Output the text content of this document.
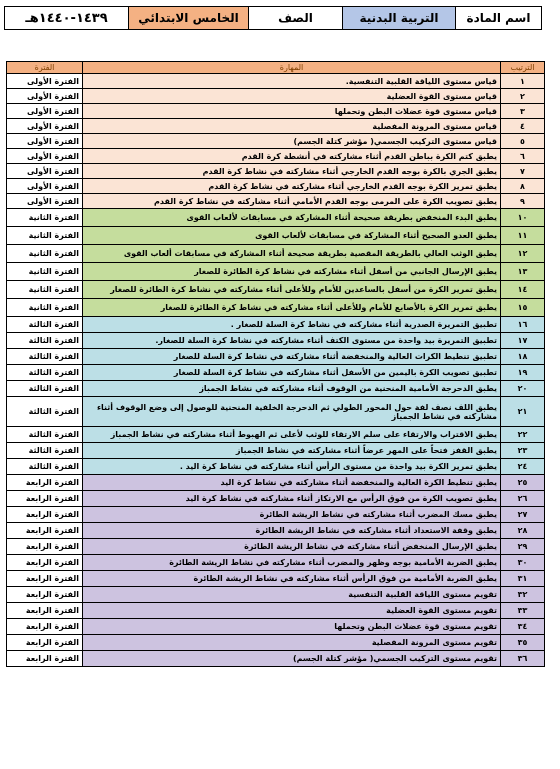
اسم المادة	التربية البدنية	الصف	الخامس الابتدائي	١٤٣٩-١٤٤٠هـ
الترتيب	المهارة	الفترة
١	قياس مستوى اللياقة القلبية التنفسية.	الفترة الأولى
٢	قياس مستوى القوة العضلية	الفترة الأولى
٣	قياس مستوى قوة عضلات البطن وتحملها	الفترة الأولى
٤	قياس مستوى المرونة المفصلية	الفترة الأولى
٥	قياس مستوى التركيب الجسمي( مؤشر كتلة الجسم)	الفترة الأولى
٦	يطبق كتم الكرة بباطن القدم أثناء مشاركته في أنشطة كرة القدم	الفترة الأولى
٧	يطبق الجري بالكرة بوجه القدم الخارجي أثناء مشاركته في نشاط كرة القدم	الفترة الأولى
٨	يطبق تمرير الكرة بوجه القدم الخارجي أثناء مشاركته في نشاط كرة القدم	الفترة الأولى
٩	يطبق تصويب الكرة على المرمى بوجه القدم الأمامي أثناء مشاركته في نشاط كرة القدم	الفترة الأولى
١٠	يطبق البدء المنخفض بطريقة صحيحة أثناء المشاركة في مسابقات لألعاب القوى	الفترة الثانية
١١	يطبق العدو الصحيح أثناء المشاركة في مسابقات لألعاب القوى	الفترة الثانية
١٢	يطبق الوثب العالي بالطريقة المقصية بطريقة صحيحة أثناء المشاركة في مسابقات ألعاب القوى	الفترة الثانية
١٣	يطبق الإرسال الجانبي من أسفل أثناء مشاركته في نشاط كرة الطائرة للصغار	الفترة الثانية
١٤	يطبق تمرير الكرة من أسفل بالساعدين للأمام وللأعلى أثناء مشاركته في نشاط كرة الطائرة للصغار	الفترة الثانية
١٥	يطبق تمرير الكرة بالأصابع للأمام وللأعلى أثناء مشاركته في نشاط كرة الطائرة للصغار	الفترة الثانية
١٦	تطبيق التمريرة الصدرية أثناء مشاركته في نشاط كرة السلة للصغار .	الفترة الثالثة
١٧	تطبيق التمريرة بيد واحدة من مستوى الكتف أثناء مشاركته في نشاط كرة السلة للصغار.	الفترة الثالثة
١٨	تطبيق تنطيط الكرات العالية والمنخفضة أثناء مشاركته في نشاط كرة السلة للصغار	الفترة الثالثة
١٩	تطبيق تصويب الكرة باليمين من الأسفل أثناء مشاركته في نشاط كرة السلة للصغار	الفترة الثالثة
٢٠	يطبق الدحرجة الأمامية المنحنية من الوقوف أثناء مشاركته في نشاط الجمباز	الفترة الثالثة
٢١	يطبق اللف نصف لفة حول المحور الطولي ثم الدحرجة الخلفية المنحنية للوصول إلى وضع الوقوف أثناء مشاركته في نشاط الجمباز	الفترة الثالثة
٢٢	يطبق الاقتراب والارتقاء على سلم الارتقاء للوثب لأعلى ثم الهبوط أثناء مشاركته في نشاط الجمباز	الفترة الثالثة
٢٣	يطبق القفز فتحاً على المهر عرضاً أثناء مشاركته في نشاط الجمباز	الفترة الثالثة
٢٤	يطبق تمرير الكرة بيد واحدة من مستوى الرأس أثناء مشاركته في نشاط كرة اليد .	الفترة الثالثة
٢٥	يطبق تنطيط الكرة العالية والمنخفضة أثناء مشاركته في نشاط كرة اليد	الفترة الرابعة
٢٦	يطبق تصويب الكرة من فوق الرأس مع الارتكاز أثناء مشاركته في نشاط كرة اليد	الفترة الرابعة
٢٧	يطبق مسك المضرب أثناء مشاركته في نشاط الريشة الطائرة	الفترة الرابعة
٢٨	يطبق وقفة الاستعداد أثناء مشاركته في نشاط الريشة الطائرة	الفترة الرابعة
٢٩	يطبق الإرسال المنخفض أثناء مشاركته في نشاط الريشة الطائرة	الفترة الرابعة
٣٠	يطبق الضربة الأمامية بوجه وظهر والمضرب أثناء مشاركته في نشاط الريشة الطائرة	الفترة الرابعة
٣١	يطبق الضربة الأمامية من فوق الرأس أثناء مشاركته في نشاط الريشة الطائرة	الفترة الرابعة
٣٢	تقويم مستوى اللياقة القلبية التنفسية	الفترة الرابعة
٣٣	تقويم مستوى القوة العضلية	الفترة الرابعة
٣٤	تقويم مستوى قوة عضلات البطن وتحملها	الفترة الرابعة
٣٥	تقويم مستوى المرونة المفصلية	الفترة الرابعة
٣٦	تقويم مستوى التركيب الجسمي( مؤشر كتلة الجسم)	الفترة الرابعة
